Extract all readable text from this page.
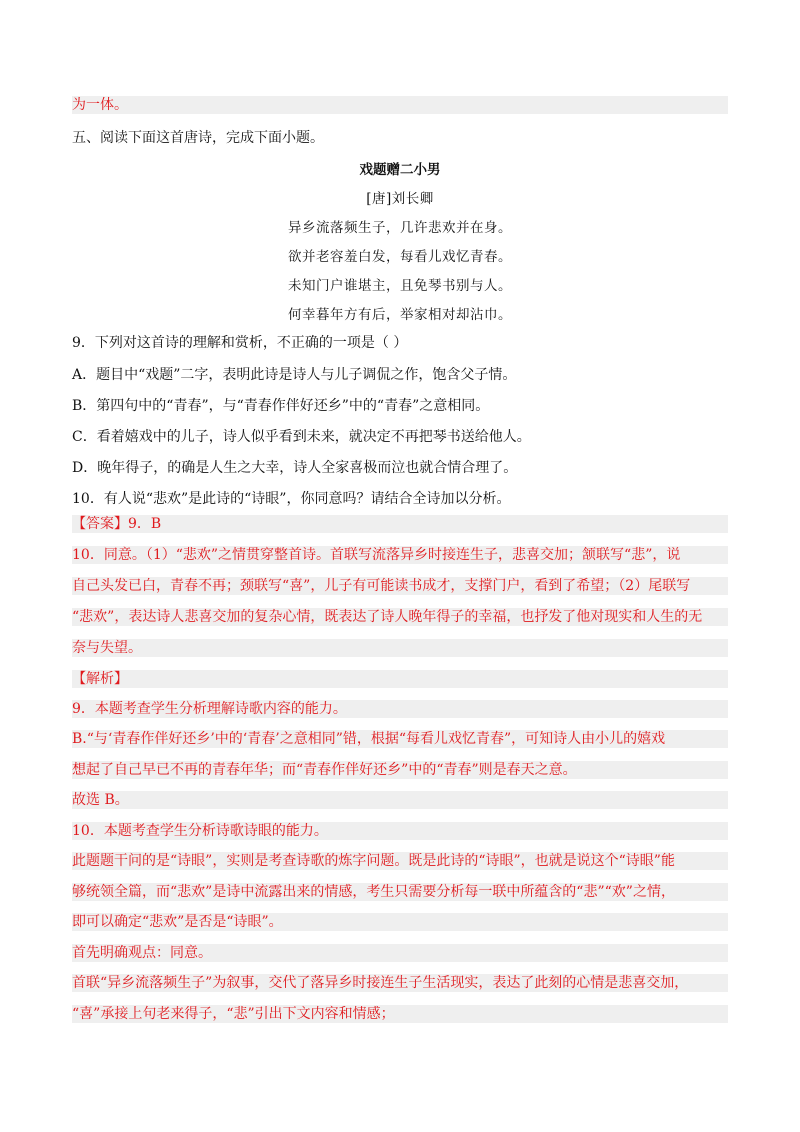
为一体。
五、阅读下面这首唐诗，完成下面小题。
戏题赠二小男
[唐]刘长卿
异乡流落频生子，几许悲欢并在身。
欲并老容羞白发，每看儿戏忆青春。
未知门户谁堪主，且免琴书别与人。
何幸暮年方有后，举家相对却沾巾。
9．下列对这首诗的理解和赏析，不正确的一项是（ ）
A．题目中“戏题”二字，表明此诗是诗人与儿子调侃之作，饱含父子情。
B．第四句中的“青春”，与“青春作伴好还乡”中的“青春”之意相同。
C．看着嬉戏中的儿子，诗人似乎看到未来，就决定不再把琴书送给他人。
D．晚年得子，的确是人生之大幸，诗人全家喜极而泣也就合情合理了。
10．有人说“悲欢”是此诗的“诗眼”，你同意吗？请结合全诗加以分析。
【答案】9．B
10．同意。（1）“悲欢”之情贯穿整首诗。首联写流落异乡时接连生子，悲喜交加；颔联写“悲”，说
自己头发已白，青春不再；颈联写“喜”，儿子有可能读书成才，支撑门户，看到了希望；（2）尾联写
“悲欢”，表达诗人悲喜交加的复杂心情，既表达了诗人晚年得子的幸福，也抒发了他对现实和人生的无
奈与失望。
【解析】
9．本题考查学生分析理解诗歌内容的能力。
B.“与‘青春作伴好还乡’中的‘青春’之意相同”错，根据“每看儿戏忆青春”，可知诗人由小儿的嬉戏
想起了自己早已不再的青春年华；而“青春作伴好还乡”中的“青春”则是春天之意。
故选 B。
10．本题考查学生分析诗歌诗眼的能力。
此题题干问的是“诗眼”，实则是考查诗歌的炼字问题。既是此诗的“诗眼”，也就是说这个“诗眼”能
够统领全篇，而“悲欢”是诗中流露出来的情感，考生只需要分析每一联中所蕴含的“悲”“欢”之情，
即可以确定“悲欢”是否是“诗眼”。
首先明确观点：同意。
首联“异乡流落频生子”为叙事，交代了落异乡时接连生子生活现实，表达了此刻的心情是悲喜交加，
“喜”承接上句老来得子，“悲”引出下文内容和情感；
